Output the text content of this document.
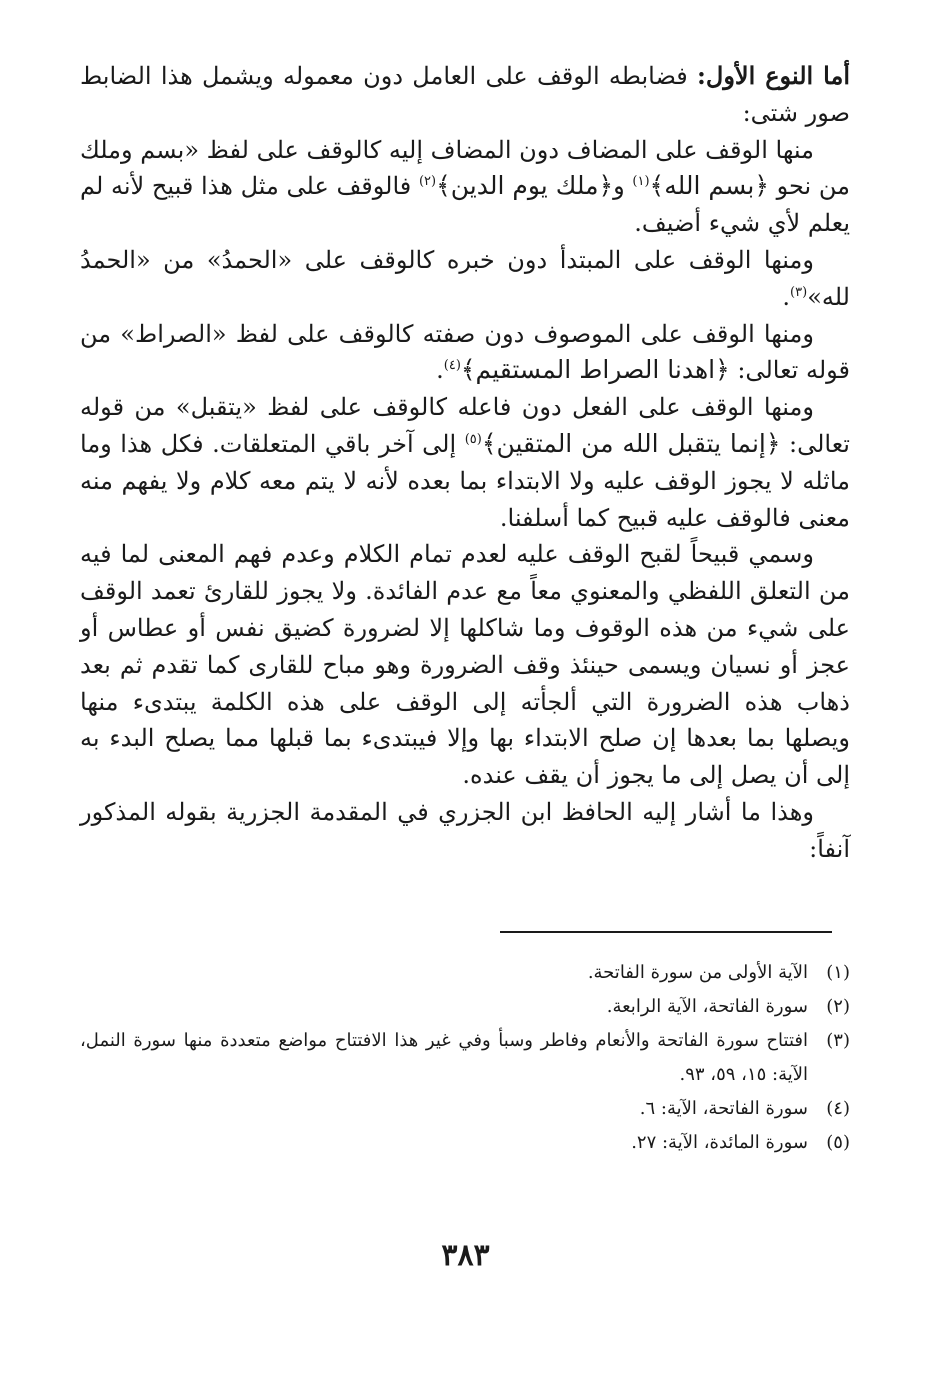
أما النوع الأول: فضابطه الوقف على العامل دون معموله ويشمل هذا الضابط صور شتى:

منها الوقف على المضاف دون المضاف إليه كالوقف على لفظ «بسم وملك من نحو ﴿بسم الله﴾$^{(١)}$ و﴿ملك يوم الدين﴾$^{(٢)}$ فالوقف على مثل هذا قبيح لأنه لم يعلم لأي شيء أضيف.

ومنها الوقف على المبتدأ دون خبره كالوقف على «الحمدُ» من «الحمدُ لله»$^{(٣)}$.

ومنها الوقف على الموصوف دون صفته كالوقف على لفظ «الصراط» من قوله تعالى: ﴿اهدنا الصراط المستقيم﴾$^{(٤)}$.

ومنها الوقف على الفعل دون فاعله كالوقف على لفظ «يتقبل» من قوله تعالى: ﴿إنما يتقبل الله من المتقين﴾$^{(٥)}$ إلى آخر باقي المتعلقات. فكل هذا وما ماثله لا يجوز الوقف عليه ولا الابتداء بما بعده لأنه لا يتم معه كلام ولا يفهم منه معنى فالوقف عليه قبيح كما أسلفنا.

وسمي قبيحاً لقبح الوقف عليه لعدم تمام الكلام وعدم فهم المعنى لما فيه من التعلق اللفظي والمعنوي معاً مع عدم الفائدة. ولا يجوز للقارئ تعمد الوقف على شيء من هذه الوقوف وما شاكلها إلا لضرورة كضيق نفس أو عطاس أو عجز أو نسيان ويسمى حينئذ وقف الضرورة وهو مباح للقارى كما تقدم ثم بعد ذهاب هذه الضرورة التي ألجأته إلى الوقف على هذه الكلمة يبتدىء منها ويصلها بما بعدها إن صلح الابتداء بها وإلا فيبتدىء بما قبلها مما يصلح البدء به إلى أن يصل إلى ما يجوز أن يقف عنده.

وهذا ما أشار إليه الحافظ ابن الجزري في المقدمة الجزرية بقوله المذكور آنفاً:

(١)
الآية الأولى من سورة الفاتحة.
(٢)
سورة الفاتحة، الآية الرابعة.
(٣)
افتتاح سورة الفاتحة والأنعام وفاطر وسبأ وفي غير هذا الافتتاح مواضع متعددة منها سورة النمل، الآية: ١٥، ٥٩، ٩٣.
(٤)
سورة الفاتحة، الآية: ٦.
(٥)
سورة المائدة، الآية: ٢٧.
٣٨٣
